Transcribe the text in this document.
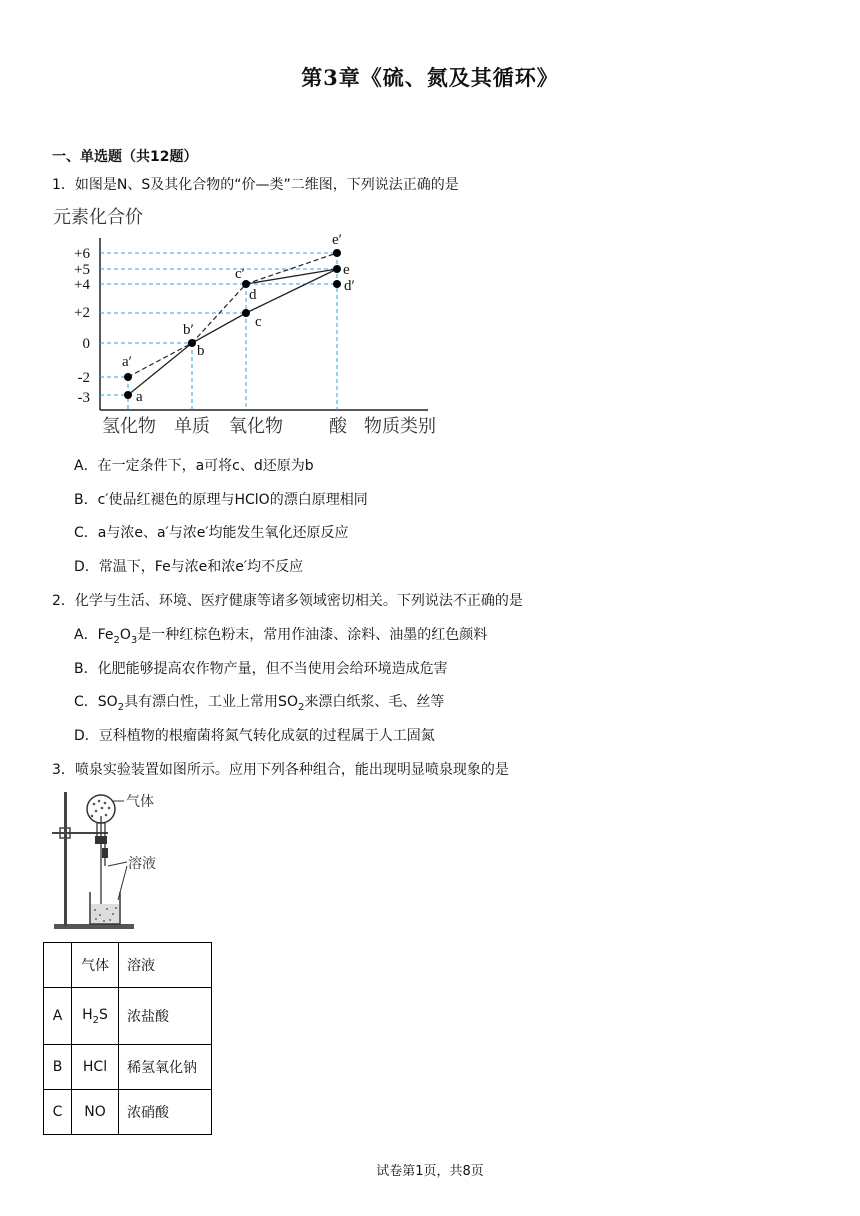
第3章《硫、氮及其循环》
一、单选题（共12题）
1．如图是N、S及其化合物的“价—类”二维图，下列说法正确的是
元素化合价
+6
+5
+4
+2
0
-2
-3
a′
a
b′
b
c′
d
c
e′
e
d′
氢化物 单质 氧化物	酸 物质类别
A．在一定条件下，a可将c、d还原为b
B．c′使品红褪色的原理与HClO的漂白原理相同
C．a与浓e、a′与浓e′均能发生氧化还原反应
D．常温下，Fe与浓e和浓e′均不反应
2．化学与生活、环境、医疗健康等诸多领域密切相关。下列说法不正确的是
A．$Fe_2O_3$是一种红棕色粉末，常用作油漆、涂料、油墨的红色颜料
B．化肥能够提高农作物产量，但不当使用会给环境造成危害
C．$SO_2$具有漂白性，工业上常用$SO_2$来漂白纸浆、毛、丝等
D．豆科植物的根瘤菌将氮气转化成氨的过程属于人工固氮
3．喷泉实验装置如图所示。应用下列各种组合，能出现明显喷泉现象的是
气体
溶液
	气体	溶液
A	$H_2S$	浓盐酸
B	HCl	稀氢氧化钠
C	NO	浓硝酸
试卷第1页，共8页
